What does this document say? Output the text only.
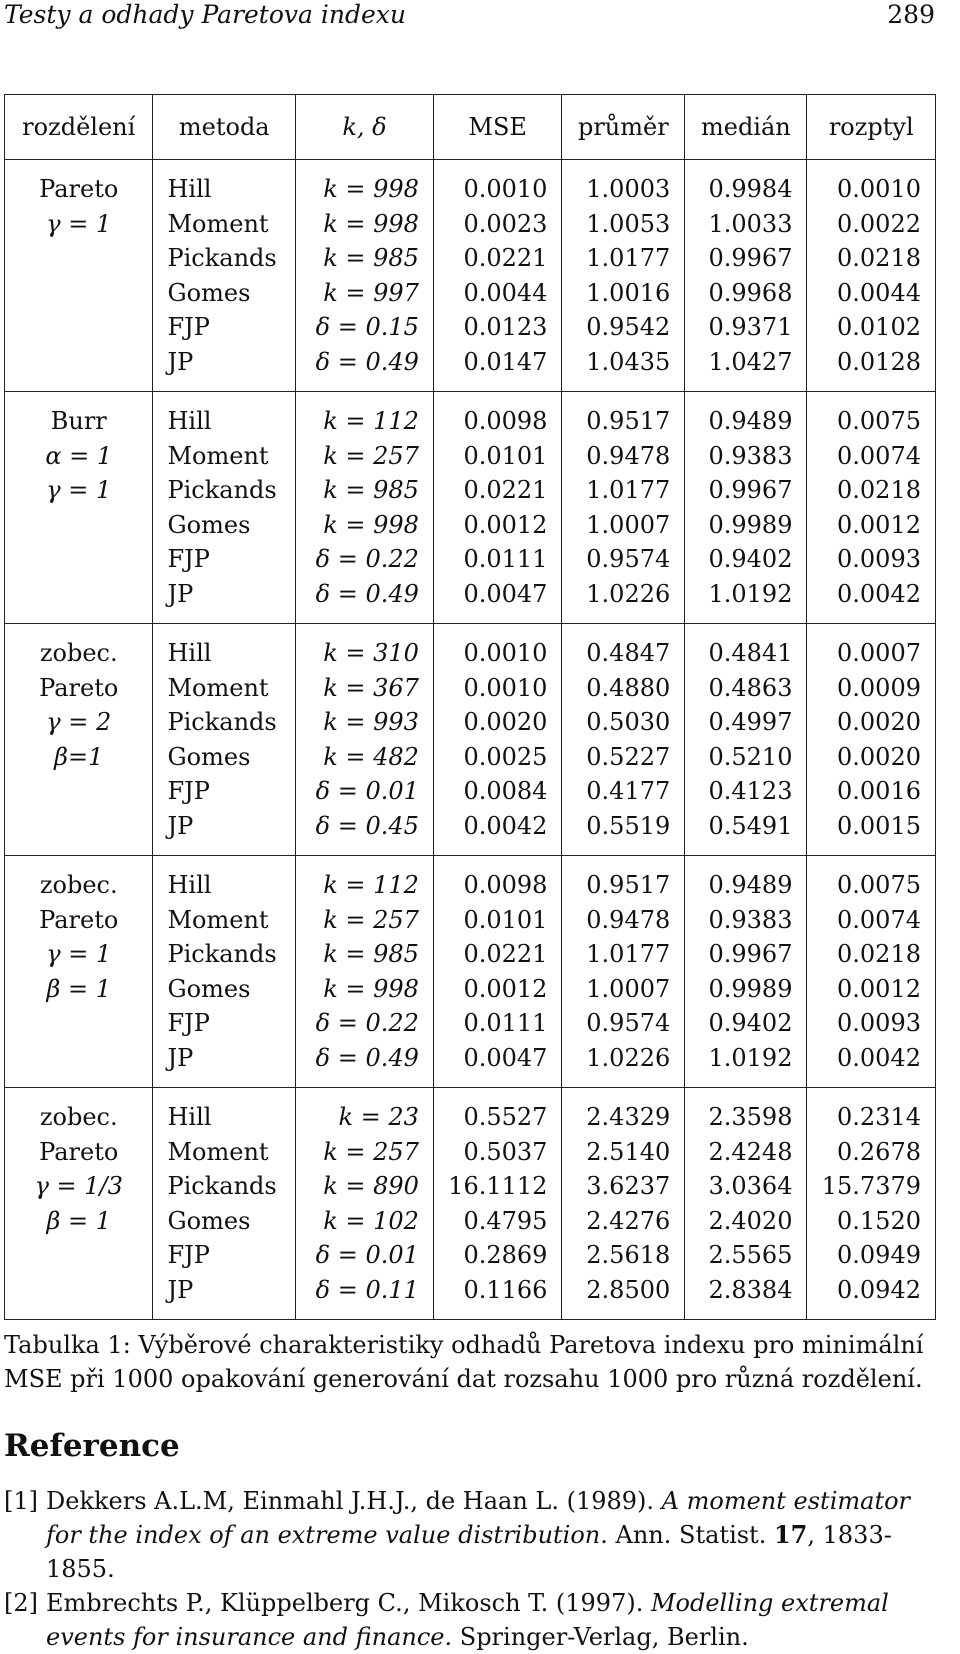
Testy a odhady Paretova indexu	289
rozdělení	metoda	k, δ	MSE	průměr	medián	rozptyl
Pareto	Hill	k = 998	0.0010	1.0003	0.9984	0.0010
γ = 1	Moment	k = 998	0.0023	1.0053	1.0033	0.0022
	Pickands	k = 985	0.0221	1.0177	0.9967	0.0218
	Gomes	k = 997	0.0044	1.0016	0.9968	0.0044
	FJP	δ = 0.15	0.0123	0.9542	0.9371	0.0102
	JP	δ = 0.49	0.0147	1.0435	1.0427	0.0128
Burr	Hill	k = 112	0.0098	0.9517	0.9489	0.0075
α = 1	Moment	k = 257	0.0101	0.9478	0.9383	0.0074
γ = 1	Pickands	k = 985	0.0221	1.0177	0.9967	0.0218
	Gomes	k = 998	0.0012	1.0007	0.9989	0.0012
	FJP	δ = 0.22	0.0111	0.9574	0.9402	0.0093
	JP	δ = 0.49	0.0047	1.0226	1.0192	0.0042
zobec.	Hill	k = 310	0.0010	0.4847	0.4841	0.0007
Pareto	Moment	k = 367	0.0010	0.4880	0.4863	0.0009
γ = 2	Pickands	k = 993	0.0020	0.5030	0.4997	0.0020
β=1	Gomes	k = 482	0.0025	0.5227	0.5210	0.0020
	FJP	δ = 0.01	0.0084	0.4177	0.4123	0.0016
	JP	δ = 0.45	0.0042	0.5519	0.5491	0.0015
zobec.	Hill	k = 112	0.0098	0.9517	0.9489	0.0075
Pareto	Moment	k = 257	0.0101	0.9478	0.9383	0.0074
γ = 1	Pickands	k = 985	0.0221	1.0177	0.9967	0.0218
β = 1	Gomes	k = 998	0.0012	1.0007	0.9989	0.0012
	FJP	δ = 0.22	0.0111	0.9574	0.9402	0.0093
	JP	δ = 0.49	0.0047	1.0226	1.0192	0.0042
zobec.	Hill	k = 23	0.5527	2.4329	2.3598	0.2314
Pareto	Moment	k = 257	0.5037	2.5140	2.4248	0.2678
γ = 1/3	Pickands	k = 890	16.1112	3.6237	3.0364	15.7379
β = 1	Gomes	k = 102	0.4795	2.4276	2.4020	0.1520
	FJP	δ = 0.01	0.2869	2.5618	2.5565	0.0949
	JP	δ = 0.11	0.1166	2.8500	2.8384	0.0942
Tabulka 1: Výběrové charakteristiky odhadů Paretova indexu pro minimální MSE při 1000 opakování generování dat rozsahu 1000 pro různá rozdělení.
Reference
[1] Dekkers A.L.M, Einmahl J.H.J., de Haan L. (1989). A moment estimator for the index of an extreme value distribution. Ann. Statist. 17, 1833-1855.
[2] Embrechts P., Klüppelberg C., Mikosch T. (1997). Modelling extremal events for insurance and finance. Springer-Verlag, Berlin.
